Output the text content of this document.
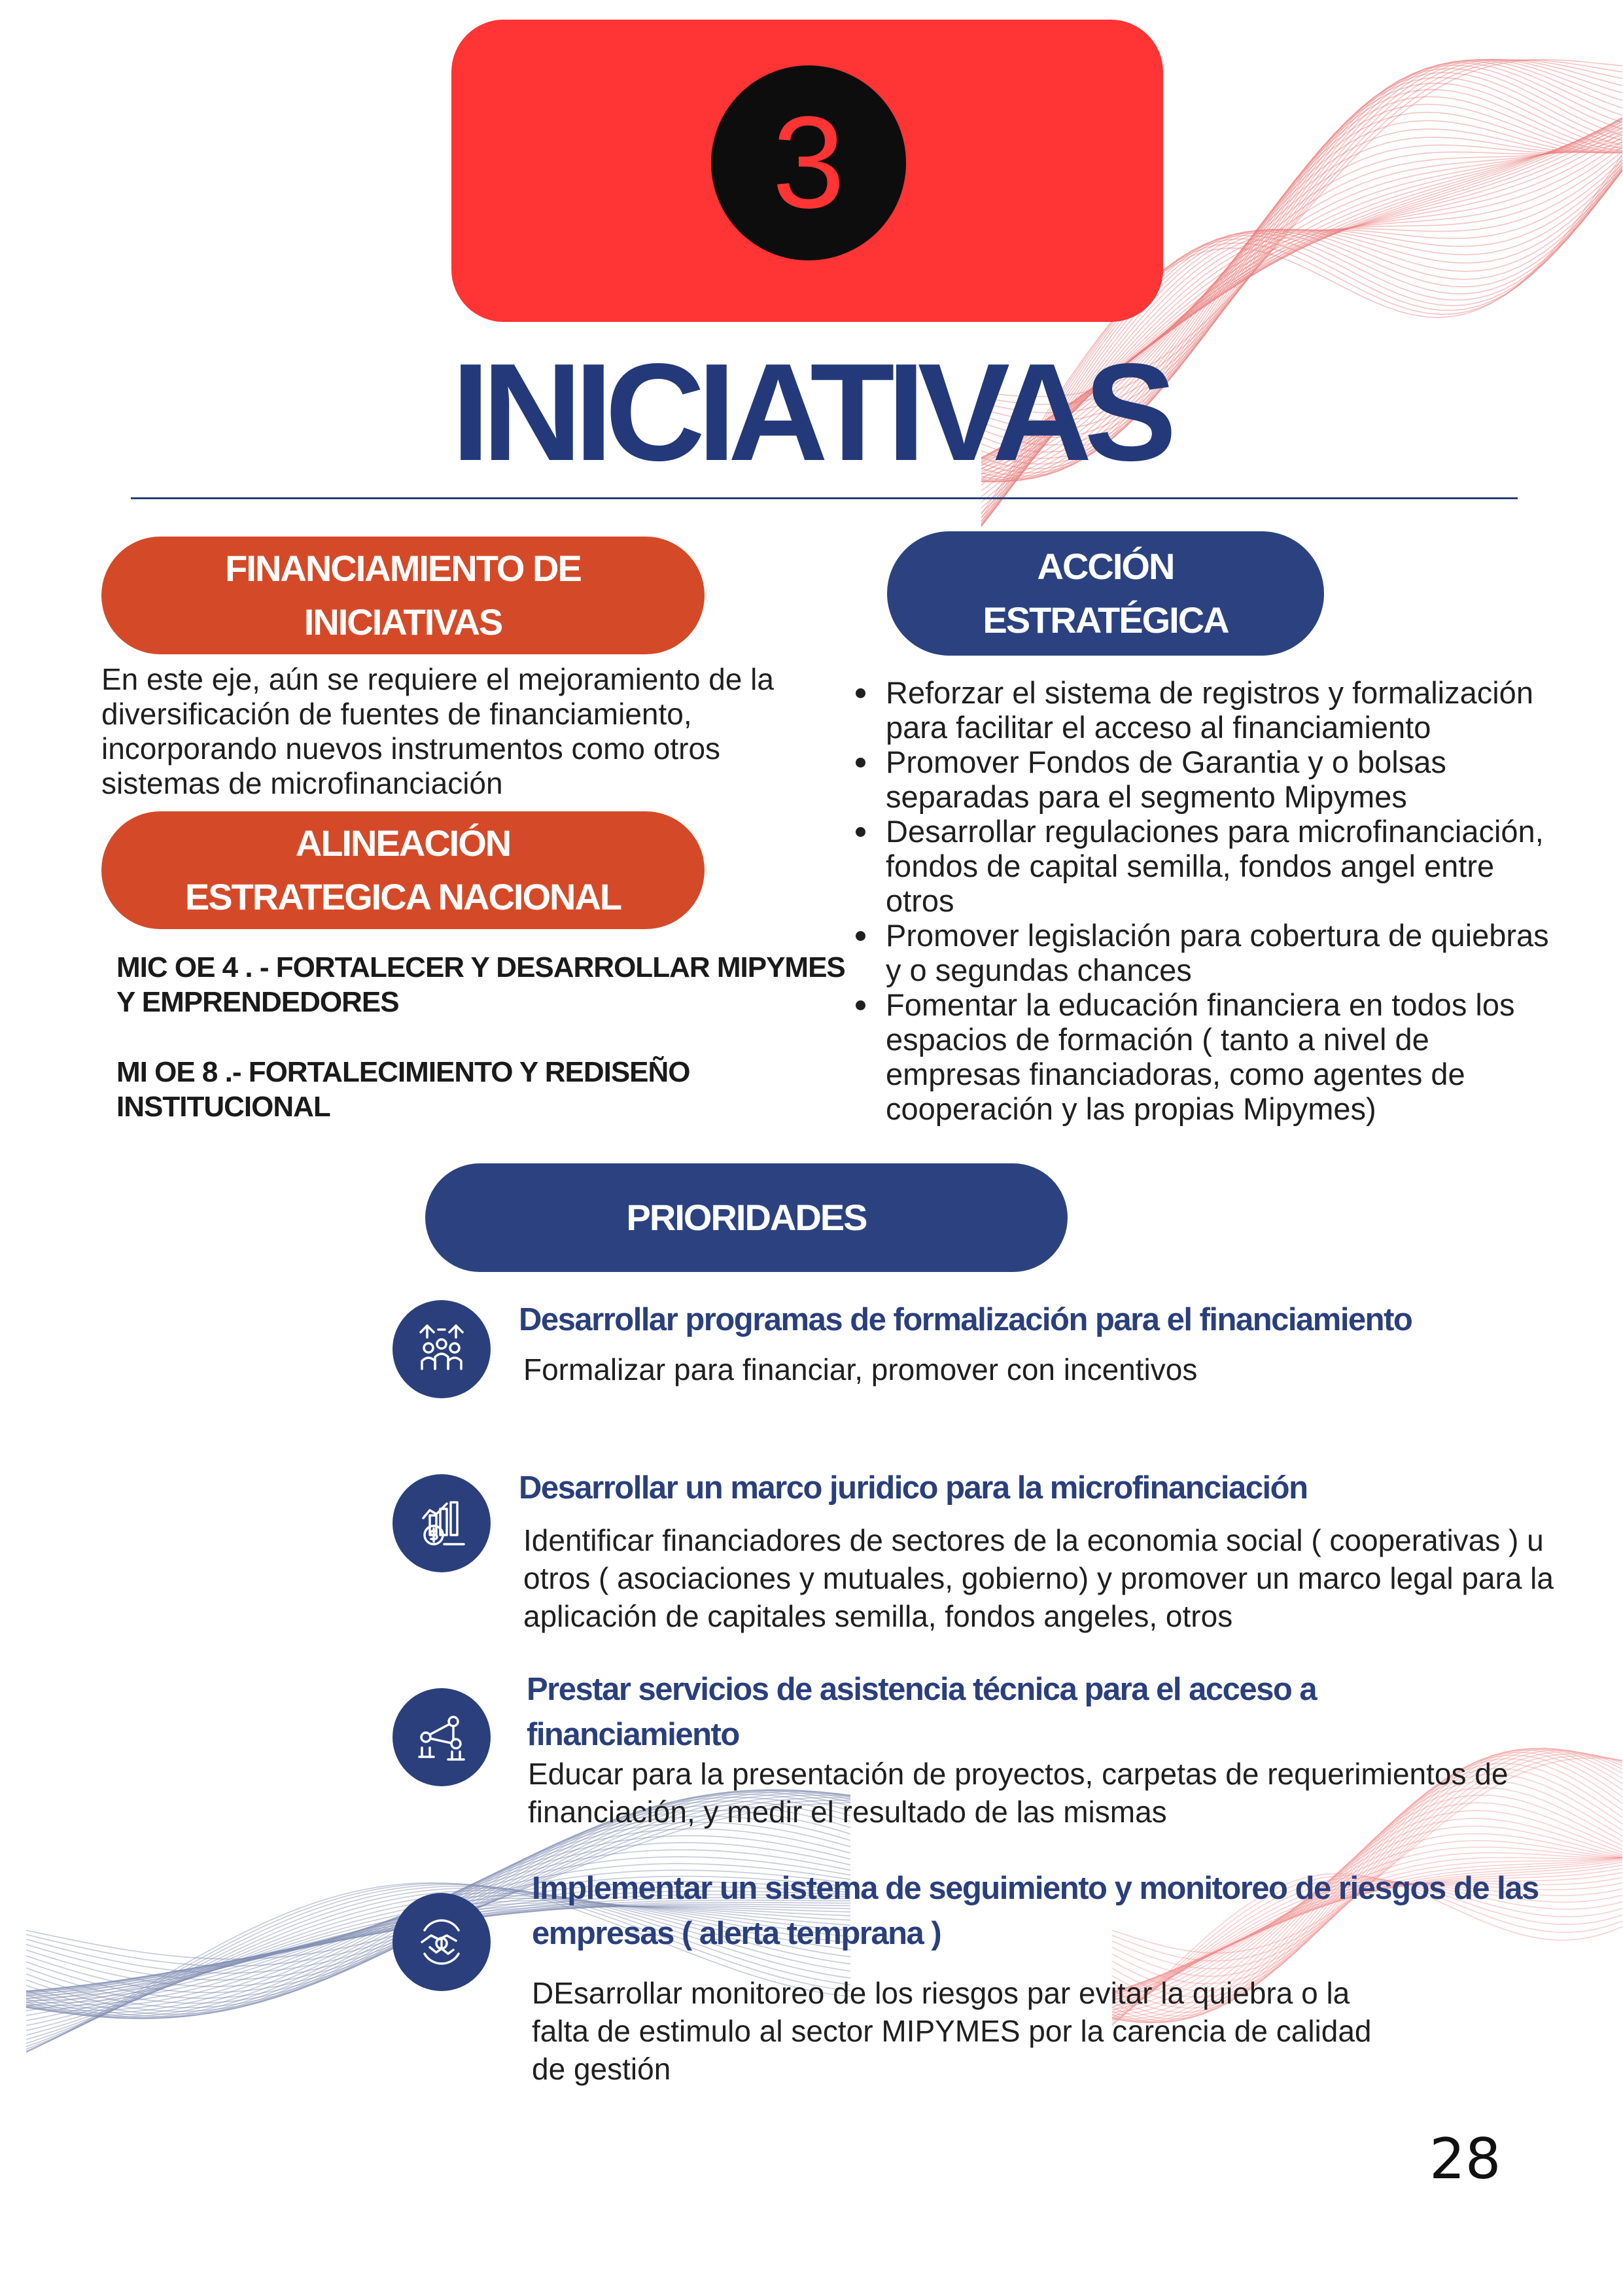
3
INICIATIVAS
FINANCIAMIENTO DE INICIATIVAS
En este eje, aún se requiere el mejoramiento de la diversificación de fuentes de financiamiento, incorporando nuevos instrumentos como otros sistemas de microfinanciación
ALINEACIÓN ESTRATEGICA NACIONAL
MIC OE 4 . - FORTALECER Y DESARROLLAR MIPYMES Y EMPRENDEDORES
MI OE 8 .- FORTALECIMIENTO Y REDISEÑO INSTITUCIONAL
ACCIÓN ESTRATÉGICA
Reforzar el sistema de registros y formalización para facilitar el acceso al financiamiento
Promover Fondos de Garantia y o bolsas separadas para el segmento Mipymes
Desarrollar regulaciones para microfinanciación, fondos de capital semilla, fondos angel entre otros
Promover legislación para cobertura de quiebras y o segundas chances
Fomentar la educación financiera en todos los espacios de formación ( tanto a nivel de empresas financiadoras, como agentes de cooperación y las propias Mipymes)
PRIORIDADES
Desarrollar programas de formalización para el financiamiento
Formalizar para financiar, promover con incentivos
Desarrollar un marco juridico para la microfinanciación
Identificar financiadores de sectores de la economia social ( cooperativas ) u otros ( asociaciones y mutuales, gobierno) y promover un marco legal para la aplicación de capitales semilla, fondos angeles, otros
Prestar servicios de asistencia técnica para el acceso a financiamiento
Educar para la presentación de proyectos, carpetas de requerimientos de financiación, y medir el resultado de las mismas
Implementar un sistema de seguimiento y monitoreo de riesgos de las empresas ( alerta temprana )
DEsarrollar monitoreo de los riesgos par evitar la quiebra o la falta de estimulo al sector MIPYMES por la carencia de calidad de gestión
28
